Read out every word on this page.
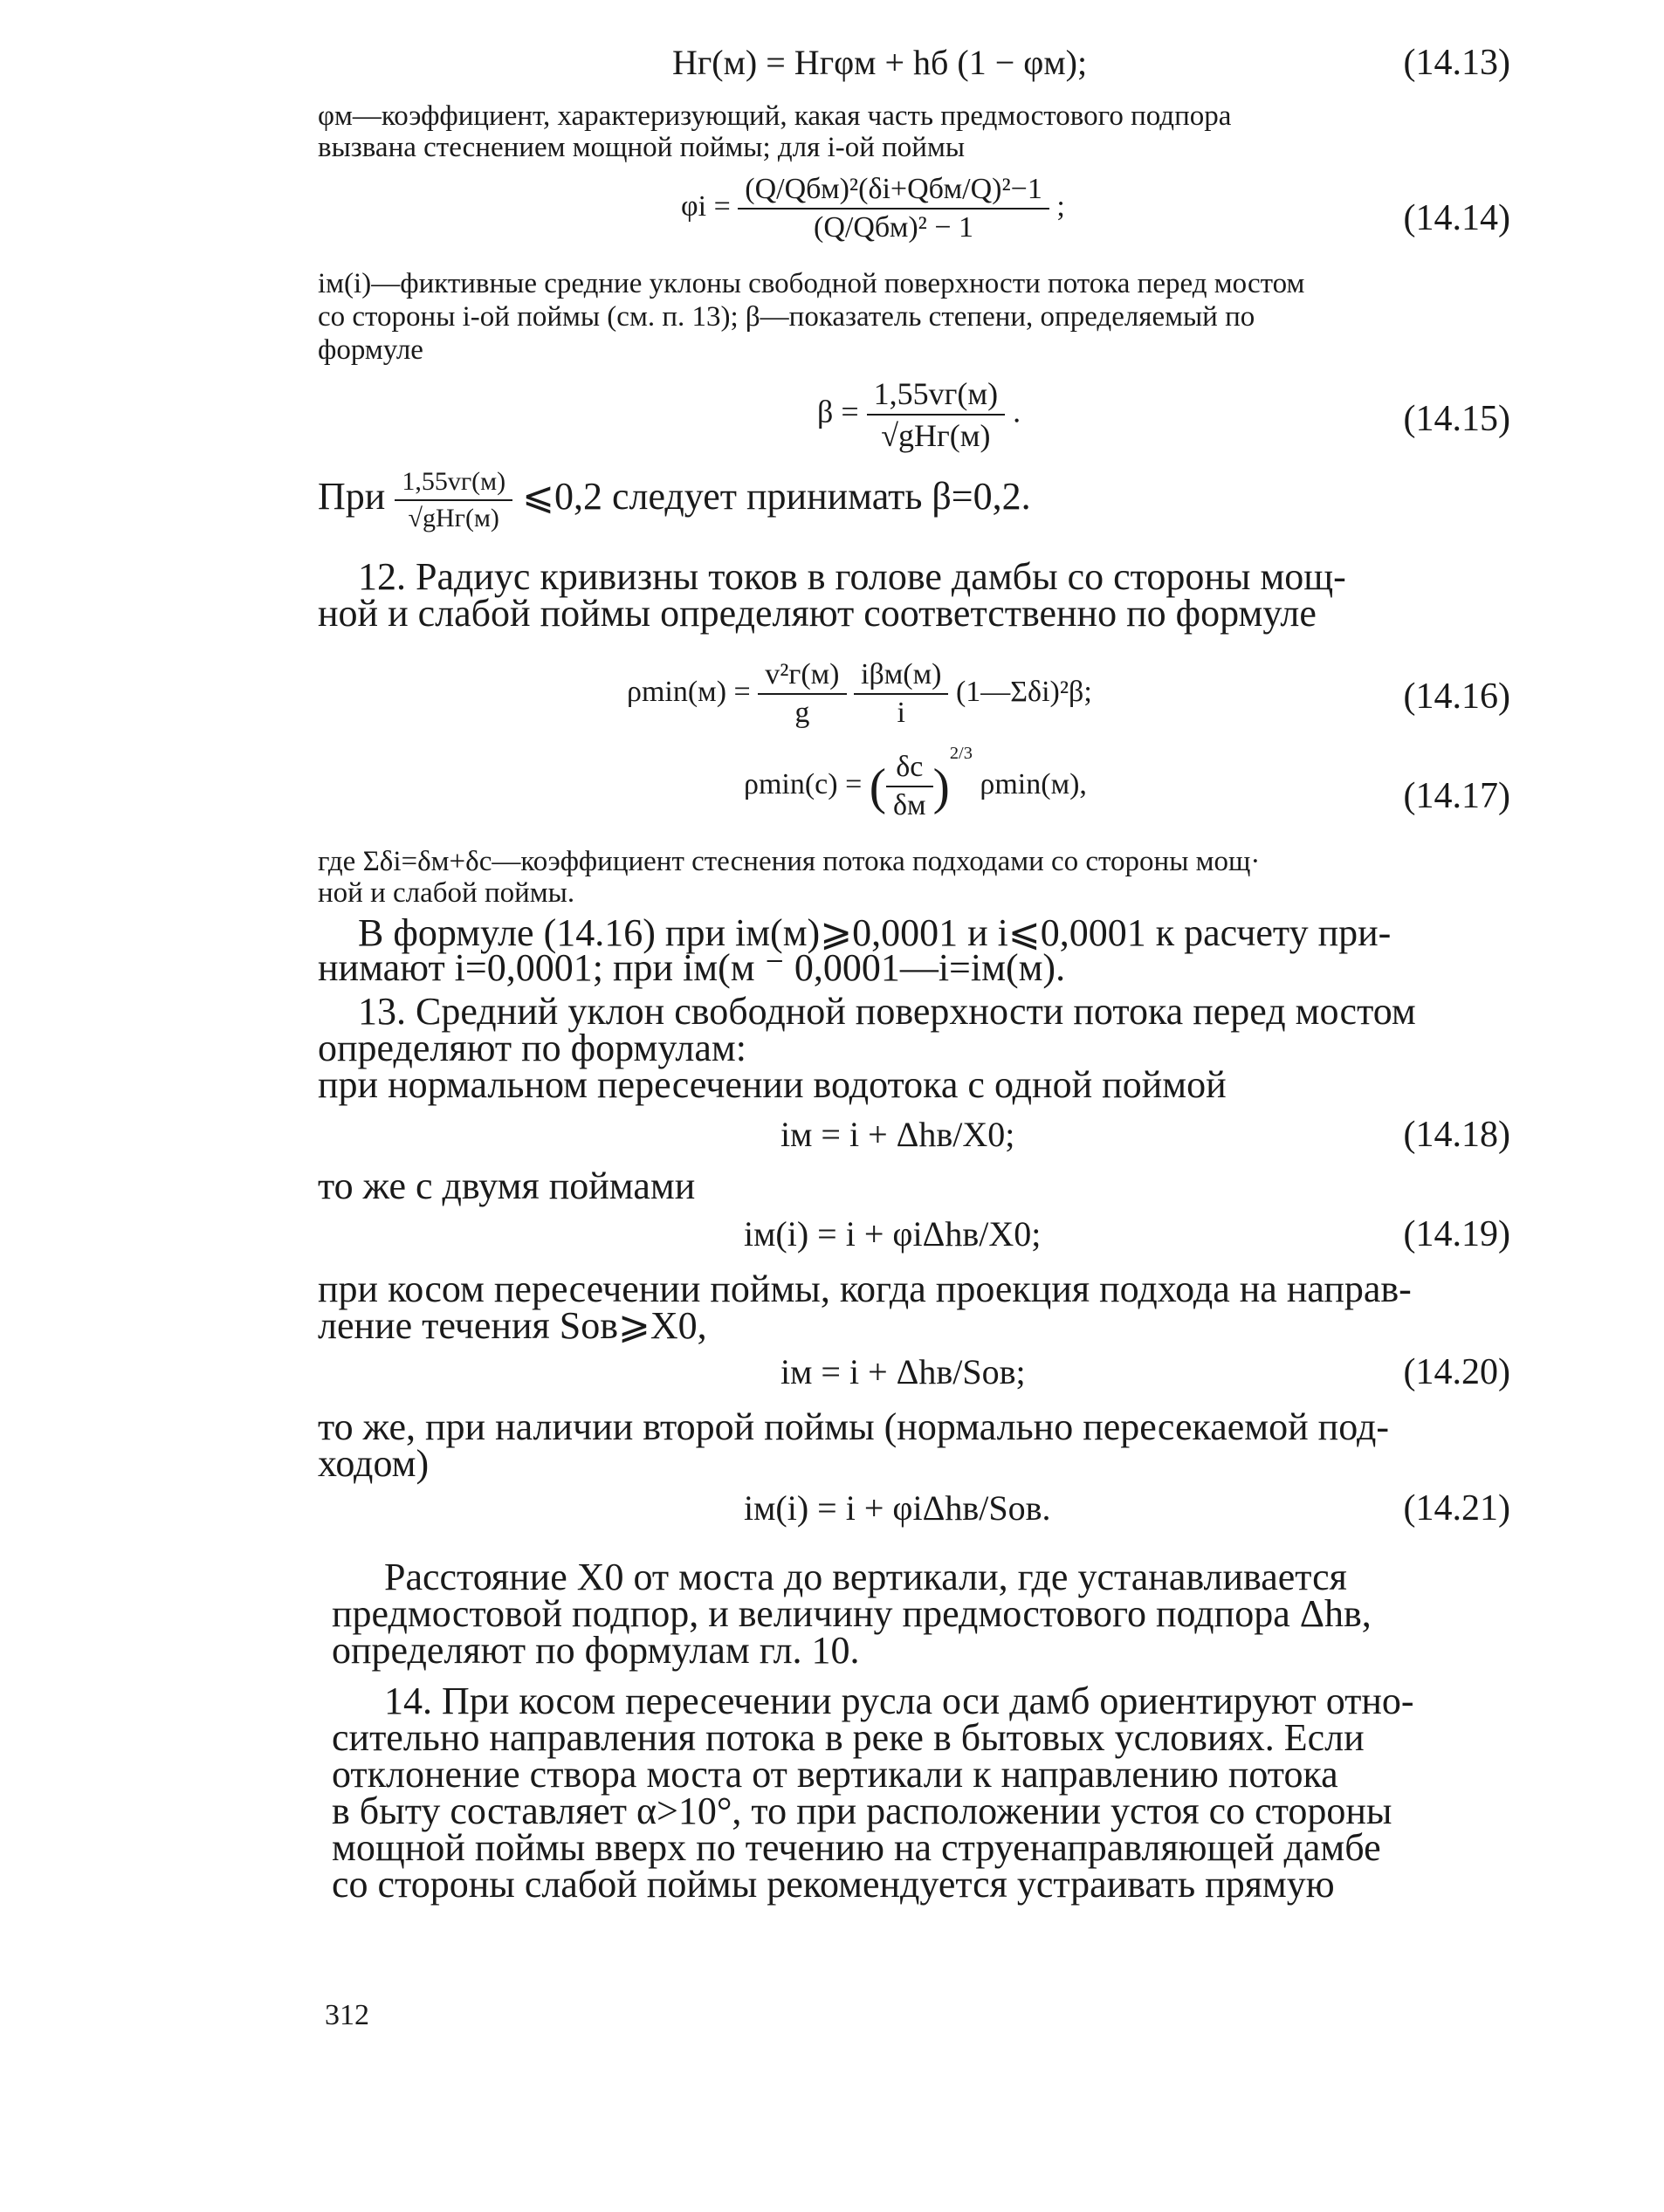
Hг(м) = Hгφм + hб (1 − φм);	(14.13)
φм—коэффициент, характеризующий, какая часть предмостового подпора
вызвана стеснением мощной поймы; для i-ой поймы
$\varphi i = \frac{\text{(Q/Qбм)²(δi+Qбм/Q)²−1}}{\text{(Q/Qбм)² − 1}}$ ;	(14.14)
iм(i)—фиктивные средние уклоны свободной поверхности потока перед мостом
со стороны i-ой поймы (см. п. 13); β—показатель степени, определяемый по
формуле
$\beta = \frac{1,55vг(м)}{\text{√gHг(м)}}$ .	(14.15)
При $\frac{1,55vг(м)}{\text{√gHг(м)}}$ ⩽0,2 следует принимать β=0,2.
12. Радиус кривизны токов в голове дамбы со стороны мощ-
ной и слабой поймы определяют соответственно по формуле
$\rho\min(м) = \frac{\text{v²г(м)}}{g}$
$\frac{\text{iβм(м)}}{i}$ (1—Σδi)²β;	(14.16)
ρmin(c) = ( $\frac{\delta c}{\delta м} )^{2/3}$ ρmin(м),	(14.17)
где Σδi=δм+δc—коэффициент стеснения потока подходами со стороны мощ·
ной и слабой поймы.
В формуле (14.16) при iм(м)⩾0,0001 и i⩽0,0001 к расчету при-
нимают i=0,0001; при iм(м ⁻ 0,0001—i=iм(м).
13. Средний уклон свободной поверхности потока перед мостом
определяют по формулам:
при нормальном пересечении водотока с одной поймой
iм = i + Δhв/X0;	(14.18)
то же с двумя поймами
iм(i) = i + φiΔhв/X0;	(14.19)
при косом пересечении поймы, когда проекция подхода на направ-
ление течения Sов⩾X0,
iм = i + Δhв/Sов;	(14.20)
то же, при наличии второй поймы (нормально пересекаемой под-
ходом)
iм(i) = i + φiΔhв/Sов.	(14.21)
Расстояние X0 от моста до вертикали, где устанавливается
предмостовой подпор, и величину предмостового подпора Δhв,
определяют по формулам гл. 10.
14. При косом пересечении русла оси дамб ориентируют отно-
сительно направления потока в реке в бытовых условиях. Если
отклонение створа моста от вертикали к направлению потока
в быту составляет α>10°, то при расположении устоя со стороны
мощной поймы вверх по течению на струенаправляющей дамбе
со стороны слабой поймы рекомендуется устраивать прямую
312
